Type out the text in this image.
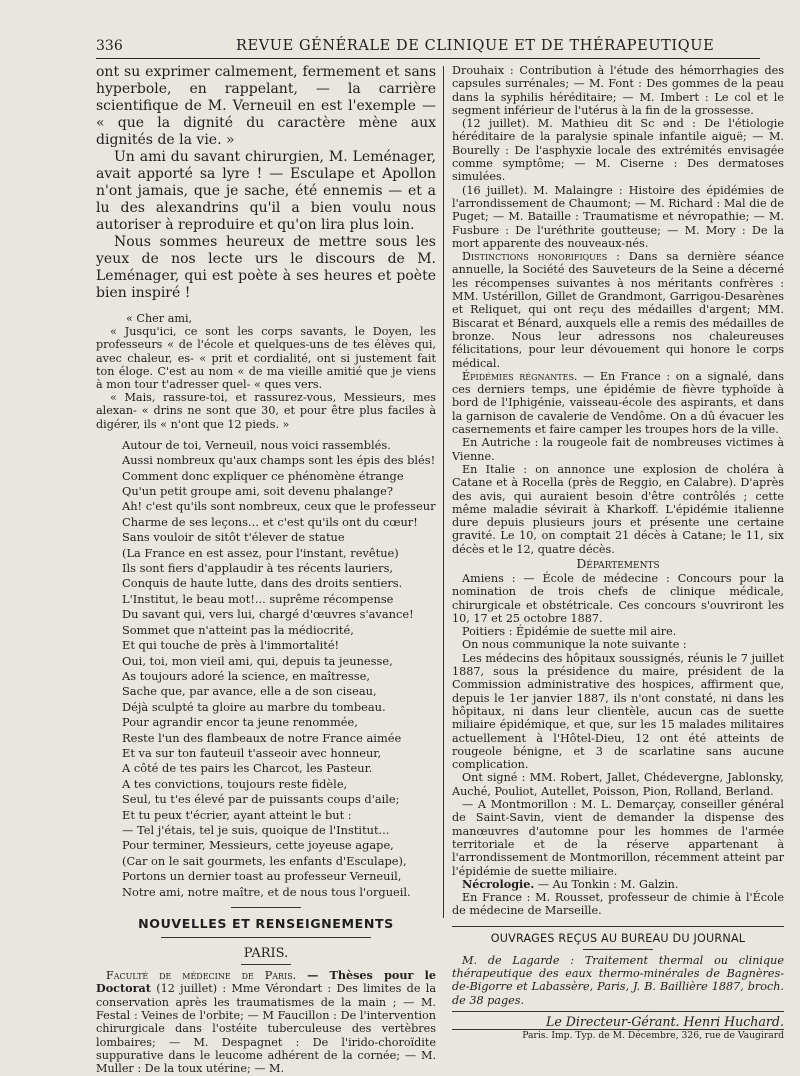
336	REVUE GÉNÉRALE DE CLINIQUE ET DE THÉRAPEUTIQUE

ont su exprimer calmement, fermement et sans hyperbole, en rappelant, — la carrière scientifique de M. Verneuil en est l'exemple — « que la dignité du caractère mène aux dignités de la vie. »

Un ami du savant chirurgien, M. Leménager, avait apporté sa lyre ! — Esculape et Apollon n'ont jamais, que je sache, été ennemis — et a lu des alexandrins qu'il a bien voulu nous autoriser à reproduire et qu'on lira plus loin.

Nous sommes heureux de mettre sous les yeux de nos lecte urs le discours de M. Leménager, qui est poète à ses heures et poète bien inspiré !

« Cher ami,

« Jusqu'ici, ce sont les corps savants, le Doyen, les professeurs « de l'école et quelques-uns de tes élèves qui, avec chaleur, es- « prit et cordialité, ont si justement fait ton éloge. C'est au nom « de ma vieille amitié que je viens à mon tour t'adresser quel- « ques vers.

« Mais, rassure-toi, et rassurez-vous, Messieurs, mes alexan- « drins ne sont que 30, et pour être plus faciles à digérer, ils « n'ont que 12 pieds. »

Autour de toi, Verneuil, nous voici rassemblés.
Aussi nombreux qu'aux champs sont les épis des blés!
Comment donc expliquer ce phénomène étrange
Qu'un petit groupe ami, soit devenu phalange?
Ah! c'est qu'ils sont nombreux, ceux que le professeur
Charme de ses leçons... et c'est qu'ils ont du cœur!
Sans vouloir de sitôt t'élever de statue
(La France en est assez, pour l'instant, revêtue)
Ils sont fiers d'applaudir à tes récents lauriers,
Conquis de haute lutte, dans des droits sentiers.
L'Institut, le beau mot!... suprême récompense
Du savant qui, vers lui, chargé d'œuvres s'avance!
Sommet que n'atteint pas la médiocrité,
Et qui touche de près à l'immortalité!
Oui, toi, mon vieil ami, qui, depuis ta jeunesse,
As toujours adoré la science, en maîtresse,
Sache que, par avance, elle a de son ciseau,
Déjà sculpté ta gloire au marbre du tombeau.
Pour agrandir encor ta jeune renommée,
Reste l'un des flambeaux de notre France aimée
Et va sur ton fauteuil t'asseoir avec honneur,
A côté de tes pairs les Charcot, les Pasteur.
A tes convictions, toujours reste fidèle,
Seul, tu t'es élevé par de puissants coups d'aile;
Et tu peux t'écrier, ayant atteint le but :
— Tel j'étais, tel je suis, quoique de l'Institut...
Pour terminer, Messieurs, cette joyeuse agape,
(Car on le sait gourmets, les enfants d'Esculape),
Portons un dernier toast au professeur Verneuil,
Notre ami, notre maître, et de nous tous l'orgueil.
NOUVELLES ET RENSEIGNEMENTS

PARIS.

Faculté de médecine de Paris. — Thèses pour le Doctorat (12 juillet) : Mme Vérondart : Des limites de la conservation après les traumatismes de la main ; — M. Festal : Veines de l'orbite; — M Faucillon : De l'intervention chirurgicale dans l'ostéite tuberculeuse des vertèbres lombaires; — M. Despagnet : De l'irido-choroïdite suppurative dans le leucome adhérent de la cornée; — M. Muller : De la toux utérine; — M.

Drouhaix : Contribution à l'étude des hémorrhagies des capsules surrénales; — M. Font : Des gommes de la peau dans la syphilis héréditaire; — M. Imbert : Le col et le segment inférieur de l'utérus à la fin de la grossesse.

(12 juillet). M. Mathieu dit Sc ənd : De l'étiologie héréditaire de la paralysie spinale infantile aiguë; — M. Bourelly : De l'asphyxie locale des extrémités envisagée comme symptôme; — M. Ciserne : Des dermatoses simulées.

(16 juillet). M. Malaingre : Histoire des épidémies de l'arrondissement de Chaumont; — M. Richard : Mal die de Puget; — M. Bataille : Traumatisme et névropathie; — M. Fusbure : De l'uréthrite goutteuse; — M. Mory : De la mort apparente des nouveaux-nés.

Distinctions honorifiques : Dans sa dernière séance annuelle, la Société des Sauveteurs de la Seine a décerné les récompenses suivantes à nos méritants confrères : MM. Ustérillon, Gillet de Grandmont, Garrigou-Desarènes et Reliquet, qui ont reçu des médailles d'argent; MM. Biscarat et Bénard, auxquels elle a remis des médailles de bronze. Nous leur adressons nos chaleureuses félicitations, pour leur dévouement qui honore le corps médical.

Épidémies régnantes. — En France : on a signalé, dans ces derniers temps, une épidémie de fièvre typhoïde à bord de l'Iphigénie, vaisseau-école des aspirants, et dans la garnison de cavalerie de Vendôme. On a dû évacuer les casernements et faire camper les troupes hors de la ville.

En Autriche : la rougeole fait de nombreuses victimes à Vienne.

En Italie : on annonce une explosion de choléra à Catane et à Rocella (près de Reggio, en Calabre). D'après des avis, qui auraient besoin d'être contrôlés ; cette même maladie sévirait à Kharkoff. L'épidémie italienne dure depuis plusieurs jours et présente une certaine gravité. Le 10, on comptait 21 décès à Catane; le 11, six décès et le 12, quatre décès.

Départements

Amiens : — École de médecine : Concours pour la nomination de trois chefs de clinique médicale, chirurgicale et obstétricale. Ces concours s'ouvriront les 10, 17 et 25 octobre 1887.

Poitiers : Épidémie de suette mil aire.

On nous communique la note suivante :

Les médecins des hôpitaux soussignés, réunis le 7 juillet 1887, sous la présidence du maire, président de la Commission administrative des hospices, affirment que, depuis le 1er janvier 1887, ils n'ont constaté, ni dans les hôpitaux, ni dans leur clientèle, aucun cas de suette miliaire épidémique, et que, sur les 15 malades militaires actuellement à l'Hôtel-Dieu, 12 ont été atteints de rougeole bénigne, et 3 de scarlatine sans aucune complication.

Ont signé : MM. Robert, Jallet, Chédevergne, Jablonsky, Auché, Pouliot, Autellet, Poisson, Pion, Rolland, Berland.

— A Montmorillon : M. L. Demarçay, conseiller général de Saint-Savin, vient de demander la dispense des manœuvres d'automne pour les hommes de l'armée territoriale et de la réserve appartenant à l'arrondissement de Montmorillon, récemment atteint par l'épidémie de suette miliaire.

Nécrologie. — Au Tonkin : M. Galzin.

En France : M. Rousset, professeur de chimie à l'École de médecine de Marseille.

OUVRAGES REÇUS AU BUREAU DU JOURNAL

M. de Lagarde : Traitement thermal ou clinique thérapeutique des eaux thermo-minérales de Bagnères-de-Bigorre et Labassère, Paris, J. B. Baillière 1887, broch. de 38 pages.

Le Directeur-Gérant. Henri Huchard.

Paris. Imp. Typ. de M. Décembre, 326, rue de Vaugirard
